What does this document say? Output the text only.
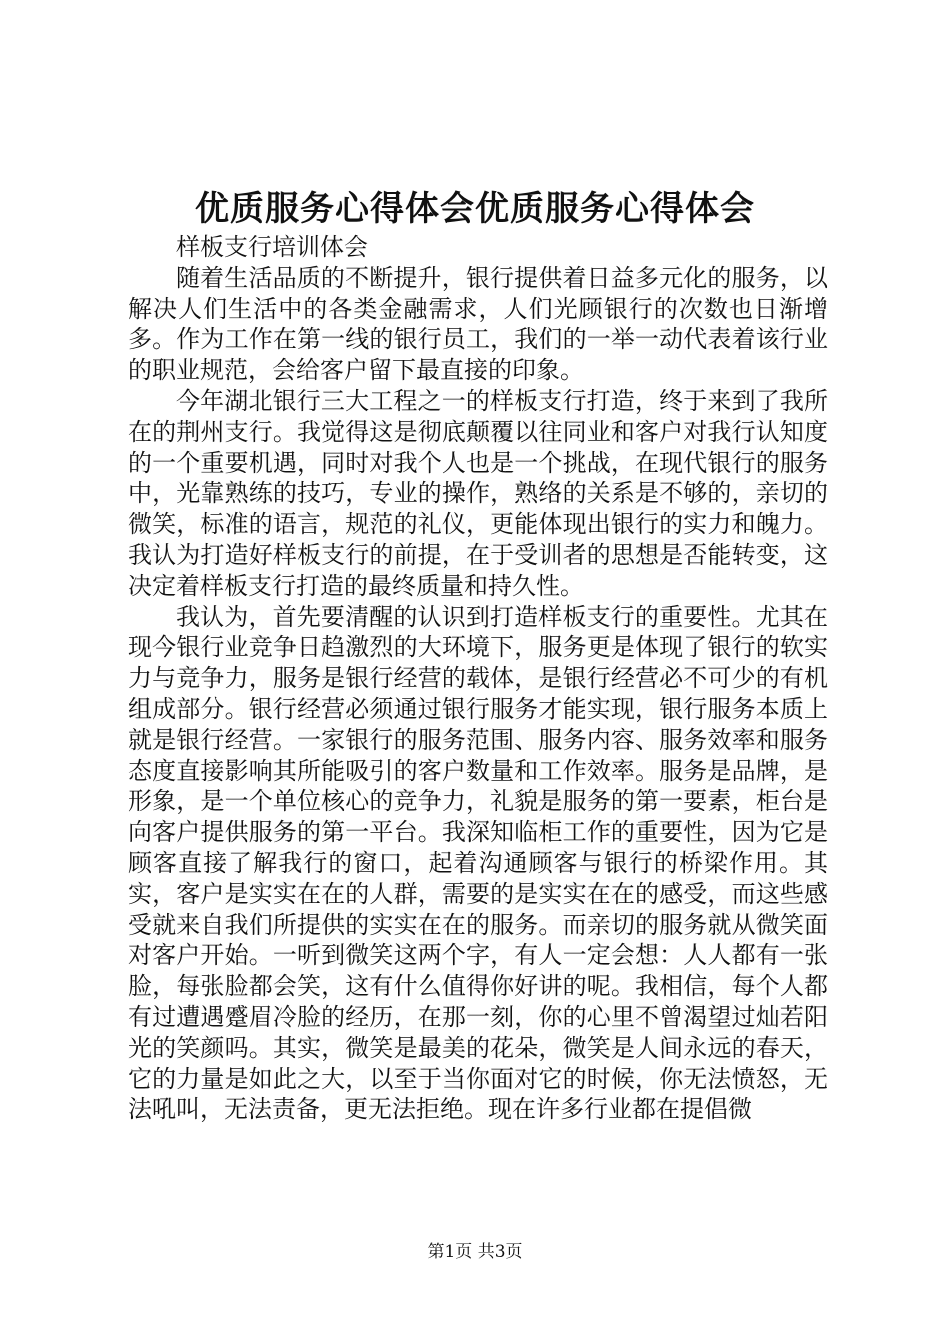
优质服务心得体会优质服务心得体会

样板支行培训体会

随着生活品质的不断提升，银行提供着日益多元化的服务，以解决人们生活中的各类金融需求，人们光顾银行的次数也日渐增多。作为工作在第一线的银行员工，我们的一举一动代表着该行业的职业规范，会给客户留下最直接的印象。

今年湖北银行三大工程之一的样板支行打造，终于来到了我所在的荆州支行。我觉得这是彻底颠覆以往同业和客户对我行认知度的一个重要机遇，同时对我个人也是一个挑战，在现代银行的服务中，光靠熟练的技巧，专业的操作，熟络的关系是不够的，亲切的微笑，标准的语言，规范的礼仪，更能体现出银行的实力和魄力。我认为打造好样板支行的前提，在于受训者的思想是否能转变，这决定着样板支行打造的最终质量和持久性。

我认为，首先要清醒的认识到打造样板支行的重要性。尤其在现今银行业竞争日趋激烈的大环境下，服务更是体现了银行的软实力与竞争力，服务是银行经营的载体，是银行经营必不可少的有机组成部分。银行经营必须通过银行服务才能实现，银行服务本质上就是银行经营。一家银行的服务范围、服务内容、服务效率和服务态度直接影响其所能吸引的客户数量和工作效率。服务是品牌，是形象，是一个单位核心的竞争力，礼貌是服务的第一要素，柜台是向客户提供服务的第一平台。我深知临柜工作的重要性，因为它是顾客直接了解我行的窗口，起着沟通顾客与银行的桥梁作用。其实，客户是实实在在的人群，需要的是实实在在的感受，而这些感受就来自我们所提供的实实在在的服务。而亲切的服务就从微笑面对客户开始。一听到微笑这两个字，有人一定会想：人人都有一张脸，每张脸都会笑，这有什么值得你好讲的呢。我相信，每个人都有过遭遇蹙眉冷脸的经历，在那一刻，你的心里不曾渴望过灿若阳光的笑颜吗。其实，微笑是最美的花朵，微笑是人间永远的春天，它的力量是如此之大，以至于当你面对它的时候，你无法愤怒，无法吼叫，无法责备，更无法拒绝。现在许多行业都在提倡微

第1页 共3页
